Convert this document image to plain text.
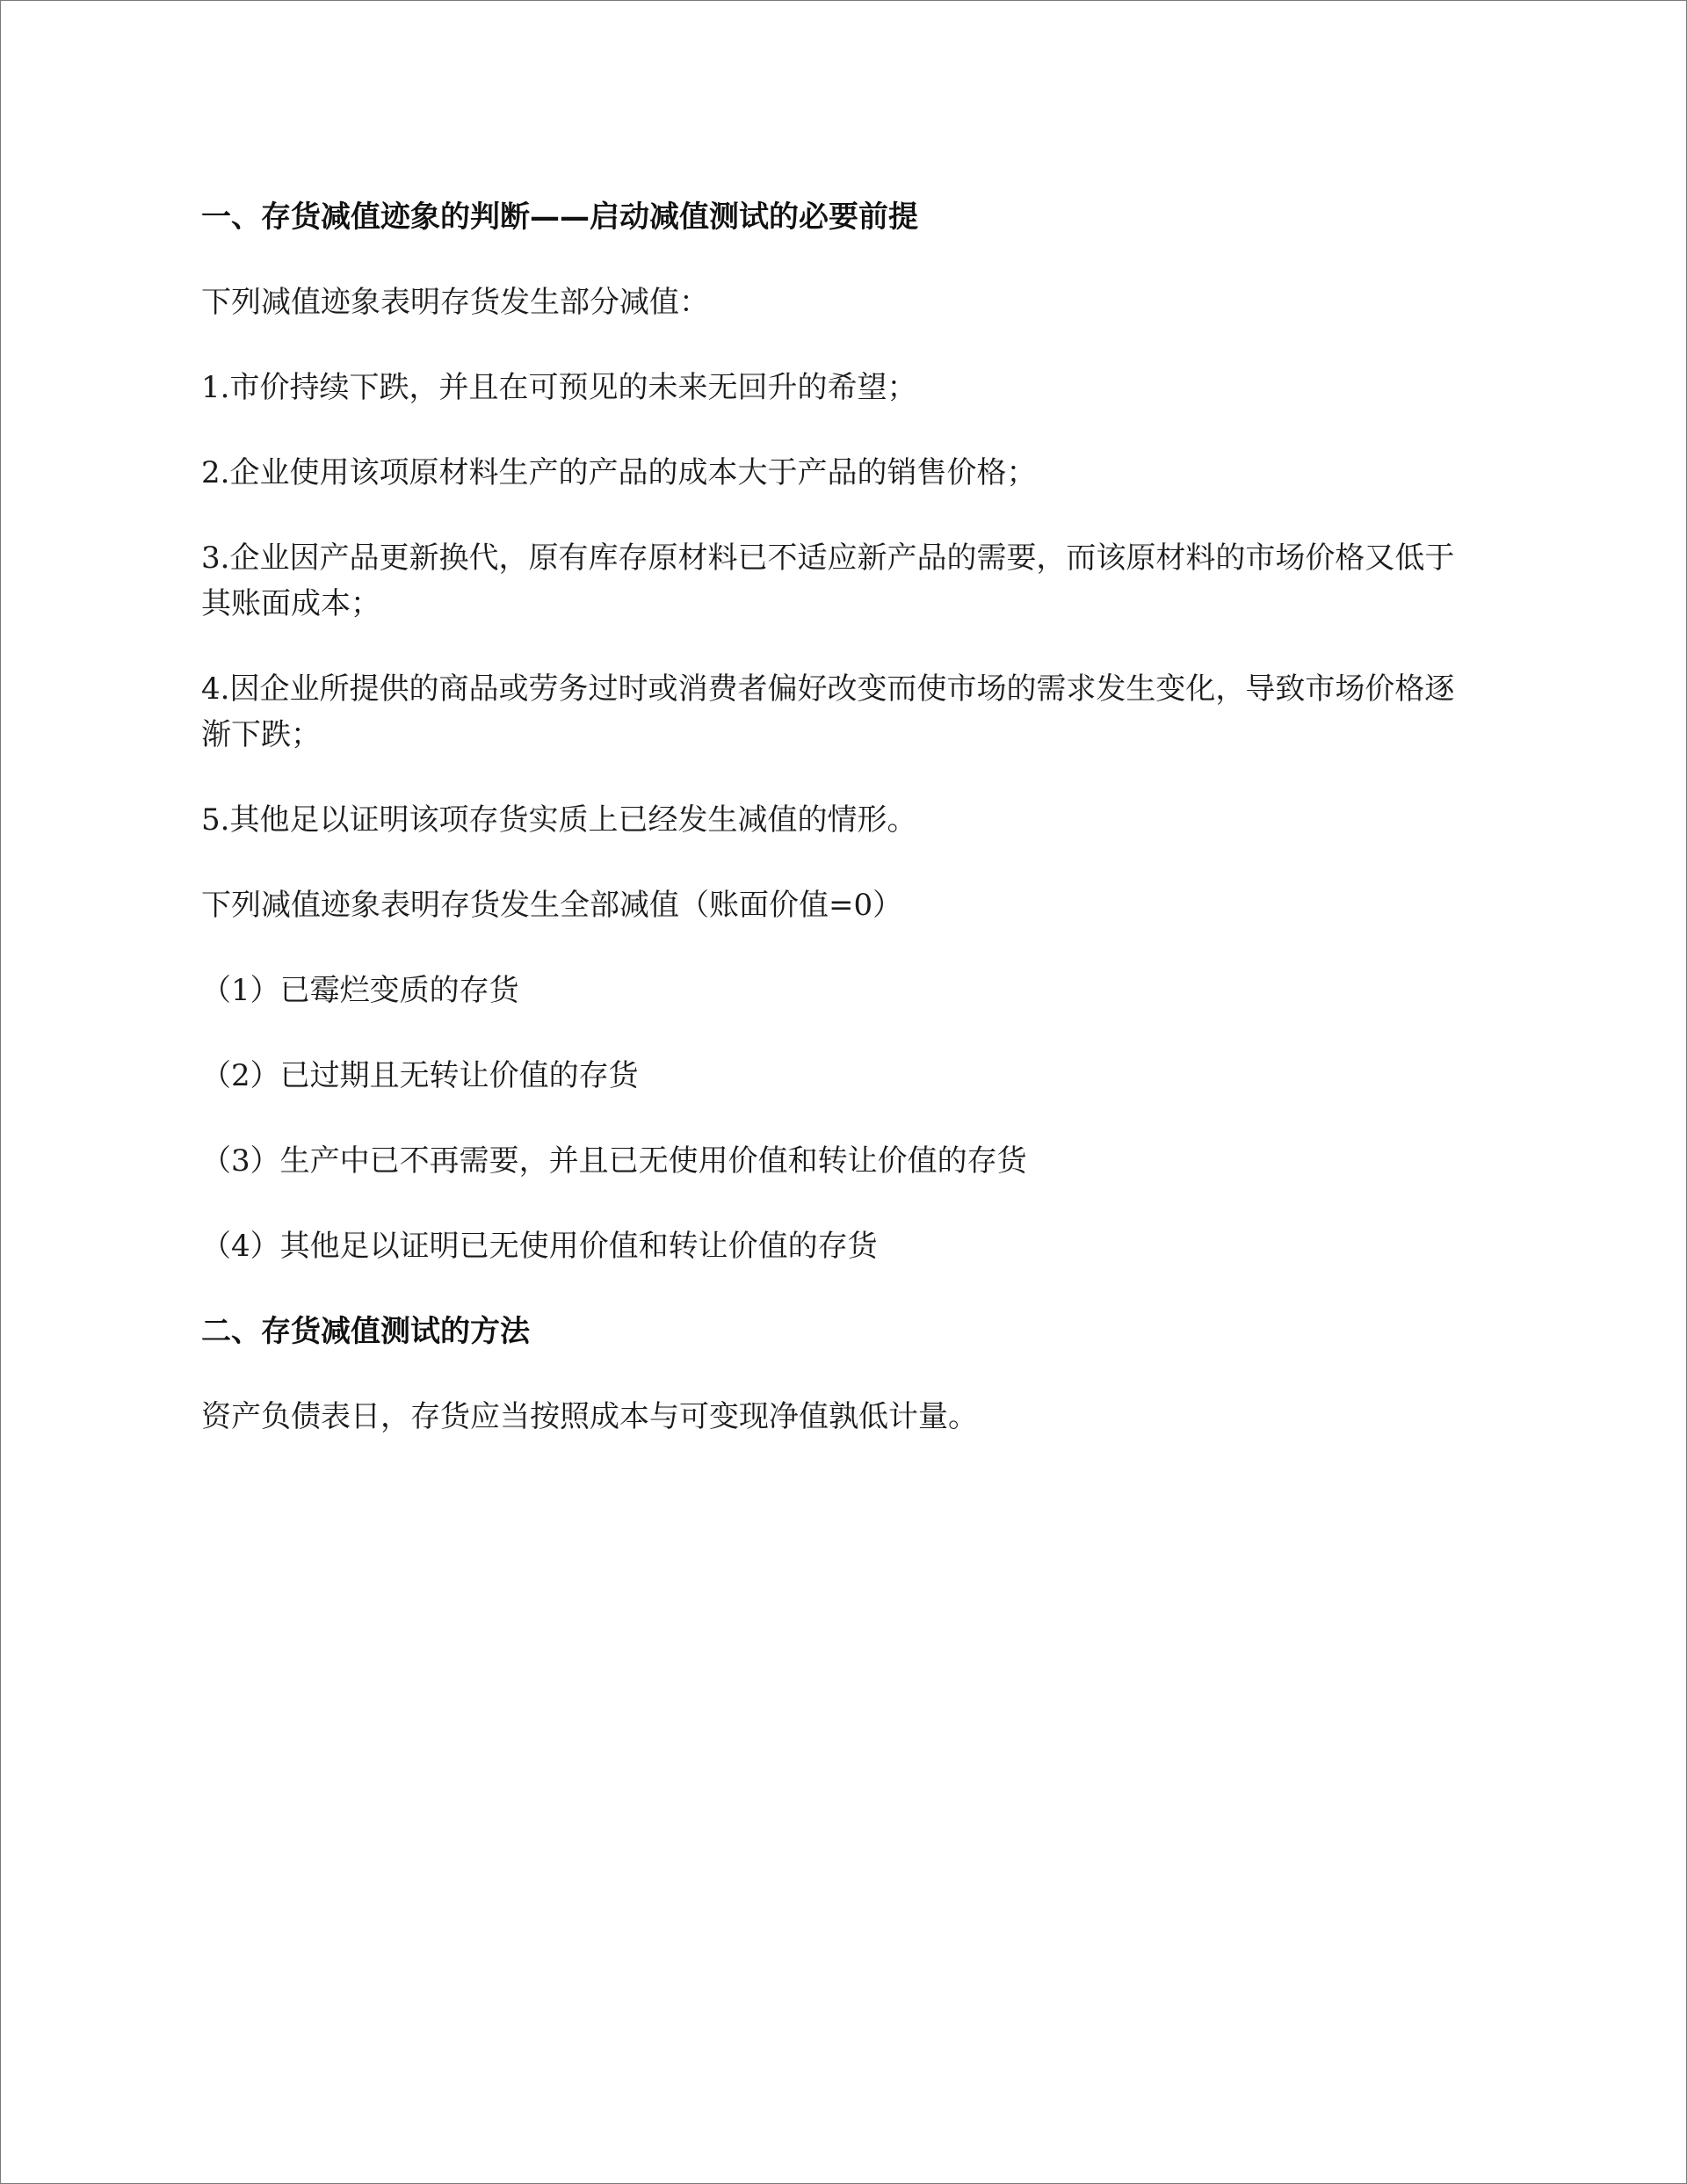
一、存货减值迹象的判断——启动减值测试的必要前提

下列减值迹象表明存货发生部分减值：

1.市价持续下跌，并且在可预见的未来无回升的希望；

2.企业使用该项原材料生产的产品的成本大于产品的销售价格；

3.企业因产品更新换代，原有库存原材料已不适应新产品的需要，而该原材料的市场价格又低于其账面成本；

4.因企业所提供的商品或劳务过时或消费者偏好改变而使市场的需求发生变化，导致市场价格逐渐下跌；

5.其他足以证明该项存货实质上已经发生减值的情形。

下列减值迹象表明存货发生全部减值（账面价值=0）

（1）已霉烂变质的存货

（2）已过期且无转让价值的存货

（3）生产中已不再需要，并且已无使用价值和转让价值的存货

（4）其他足以证明已无使用价值和转让价值的存货

二、存货减值测试的方法

资产负债表日，存货应当按照成本与可变现净值孰低计量。
